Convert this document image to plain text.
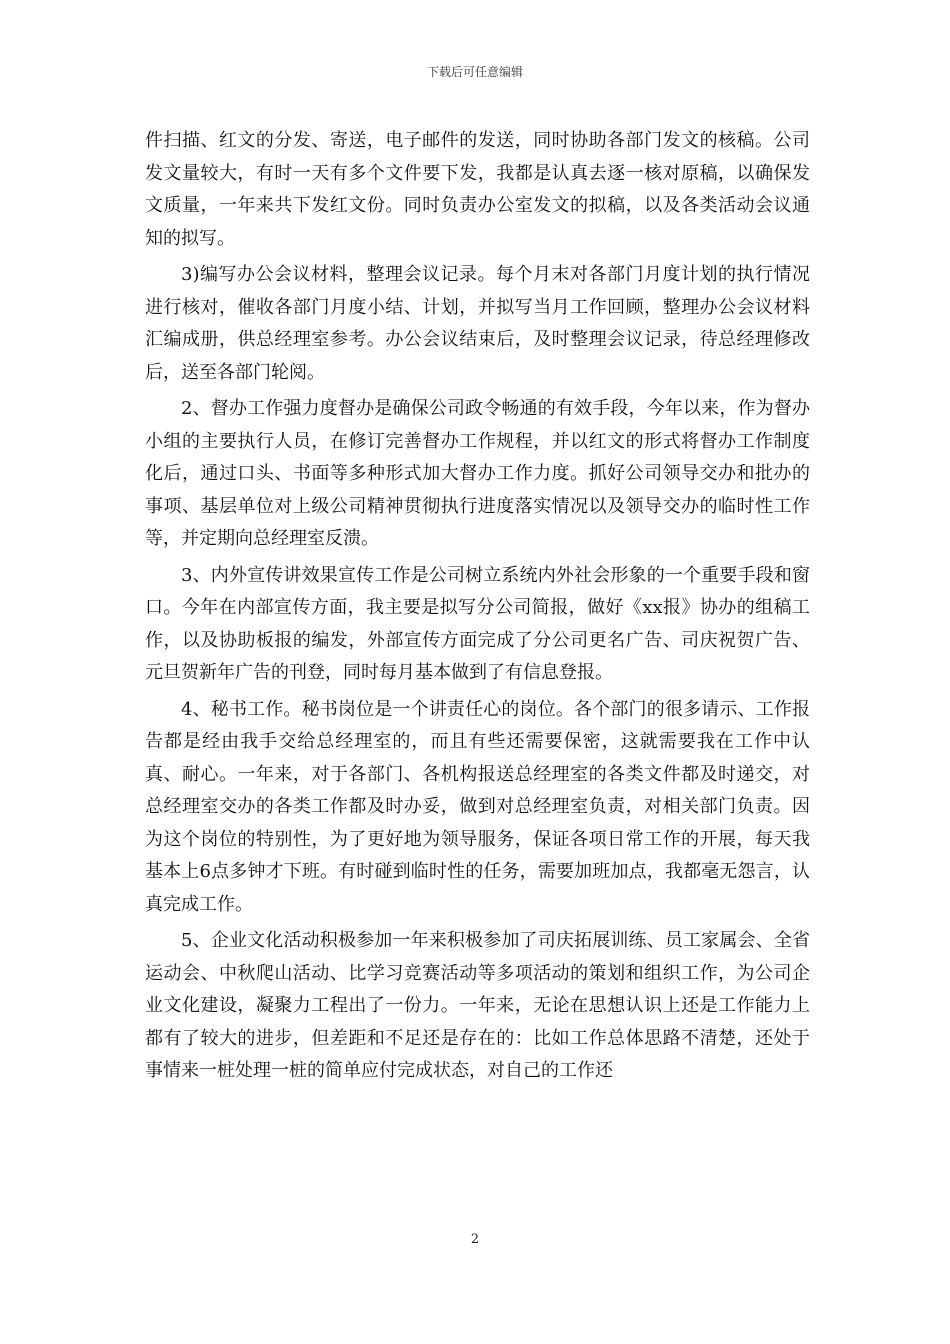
下载后可任意编辑

件扫描、红文的分发、寄送，电子邮件的发送，同时协助各部门发文的核稿。公司发文量较大，有时一天有多个文件要下发，我都是认真去逐一核对原稿，以确保发文质量，一年来共下发红文份。同时负责办公室发文的拟稿，以及各类活动会议通知的拟写。

3)编写办公会议材料，整理会议记录。每个月末对各部门月度计划的执行情况进行核对，催收各部门月度小结、计划，并拟写当月工作回顾，整理办公会议材料汇编成册，供总经理室参考。办公会议结束后，及时整理会议记录，待总经理修改后，送至各部门轮阅。

2、督办工作强力度督办是确保公司政令畅通的有效手段，今年以来，作为督办小组的主要执行人员，在修订完善督办工作规程，并以红文的形式将督办工作制度化后，通过口头、书面等多种形式加大督办工作力度。抓好公司领导交办和批办的事项、基层单位对上级公司精神贯彻执行进度落实情况以及领导交办的临时性工作等，并定期向总经理室反溃。

3、内外宣传讲效果宣传工作是公司树立系统内外社会形象的一个重要手段和窗口。今年在内部宣传方面，我主要是拟写分公司简报，做好《xx报》协办的组稿工作，以及协助板报的编发，外部宣传方面完成了分公司更名广告、司庆祝贺广告、元旦贺新年广告的刊登，同时每月基本做到了有信息登报。

4、秘书工作。秘书岗位是一个讲责任心的岗位。各个部门的很多请示、工作报告都是经由我手交给总经理室的，而且有些还需要保密，这就需要我在工作中认真、耐心。一年来，对于各部门、各机构报送总经理室的各类文件都及时递交，对总经理室交办的各类工作都及时办妥，做到对总经理室负责，对相关部门负责。因为这个岗位的特别性，为了更好地为领导服务，保证各项日常工作的开展，每天我基本上6点多钟才下班。有时碰到临时性的任务，需要加班加点，我都毫无怨言，认真完成工作。

5、企业文化活动积极参加一年来积极参加了司庆拓展训练、员工家属会、全省运动会、中秋爬山活动、比学习竞赛活动等多项活动的策划和组织工作，为公司企业文化建设，凝聚力工程出了一份力。一年来，无论在思想认识上还是工作能力上都有了较大的进步，但差距和不足还是存在的：比如工作总体思路不清楚，还处于事情来一桩处理一桩的简单应付完成状态，对自己的工作还

2
